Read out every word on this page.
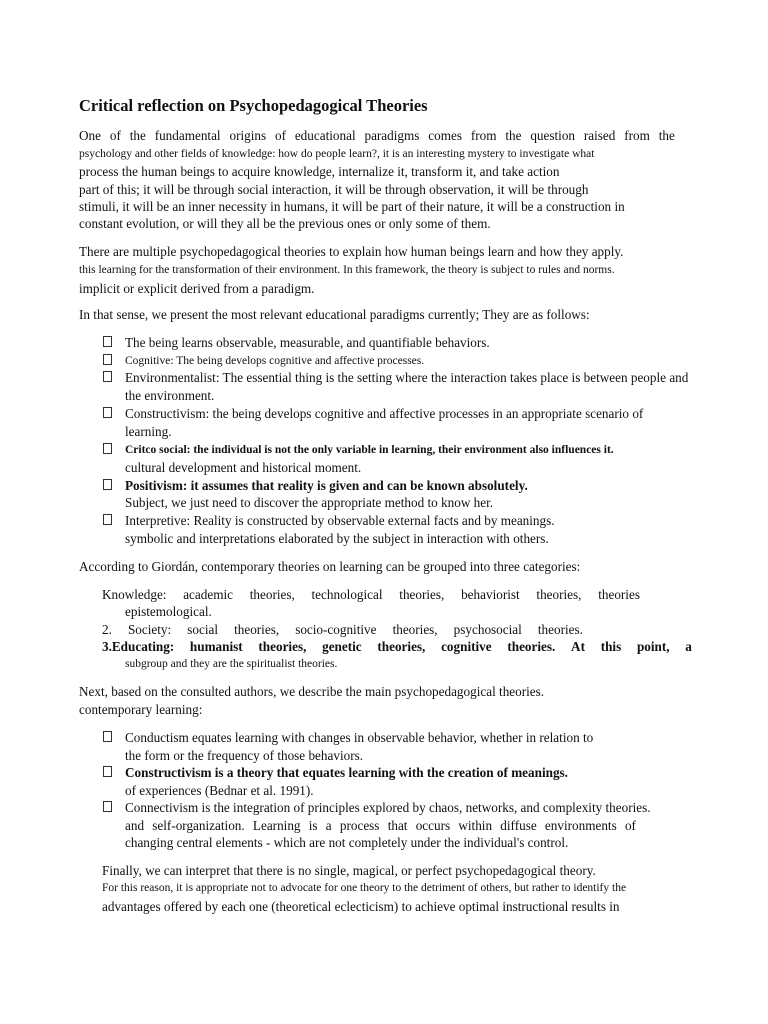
Critical reflection on Psychopedagogical Theories
One of the fundamental origins of educational paradigms comes from the question raised from the
psychology and other fields of knowledge: how do people learn?, it is an interesting mystery to investigate what
process the human beings to acquire knowledge, internalize it, transform it, and take action
part of this; it will be through social interaction, it will be through observation, it will be through
stimuli, it will be an inner necessity in humans, it will be part of their nature, it will be a construction in
constant evolution, or will they all be the previous ones or only some of them.
There are multiple psychopedagogical theories to explain how human beings learn and how they apply.
this learning for the transformation of their environment. In this framework, the theory is subject to rules and norms.
implicit or explicit derived from a paradigm.
In that sense, we present the most relevant educational paradigms currently; They are as follows:
The being learns observable, measurable, and quantifiable behaviors.
Cognitive: The being develops cognitive and affective processes.
Environmentalist: The essential thing is the setting where the interaction takes place is between people and
the environment.
Constructivism: the being develops cognitive and affective processes in an appropriate scenario of
learning.
Critco social: the individual is not the only variable in learning, their environment also influences it.
cultural development and historical moment.
Positivism: it assumes that reality is given and can be known absolutely.
Subject, we just need to discover the appropriate method to know her.
Interpretive: Reality is constructed by observable external facts and by meanings.
symbolic and interpretations elaborated by the subject in interaction with others.
According to Giordán, contemporary theories on learning can be grouped into three categories:
Knowledge: academic theories, technological theories, behaviorist theories, theories
epistemological.
2. Society: social theories, socio-cognitive theories, psychosocial theories.
3.Educating: humanist theories, genetic theories, cognitive theories. At this point, a
subgroup and they are the spiritualist theories.
Next, based on the consulted authors, we describe the main psychopedagogical theories.
contemporary learning:
Conductism equates learning with changes in observable behavior, whether in relation to
the form or the frequency of those behaviors.
Constructivism is a theory that equates learning with the creation of meanings.
of experiences (Bednar et al. 1991).
Connectivism is the integration of principles explored by chaos, networks, and complexity theories.
and self-organization. Learning is a process that occurs within diffuse environments of
changing central elements - which are not completely under the individual's control.
Finally, we can interpret that there is no single, magical, or perfect psychopedagogical theory.
For this reason, it is appropriate not to advocate for one theory to the detriment of others, but rather to identify the
advantages offered by each one (theoretical eclecticism) to achieve optimal instructional results in
